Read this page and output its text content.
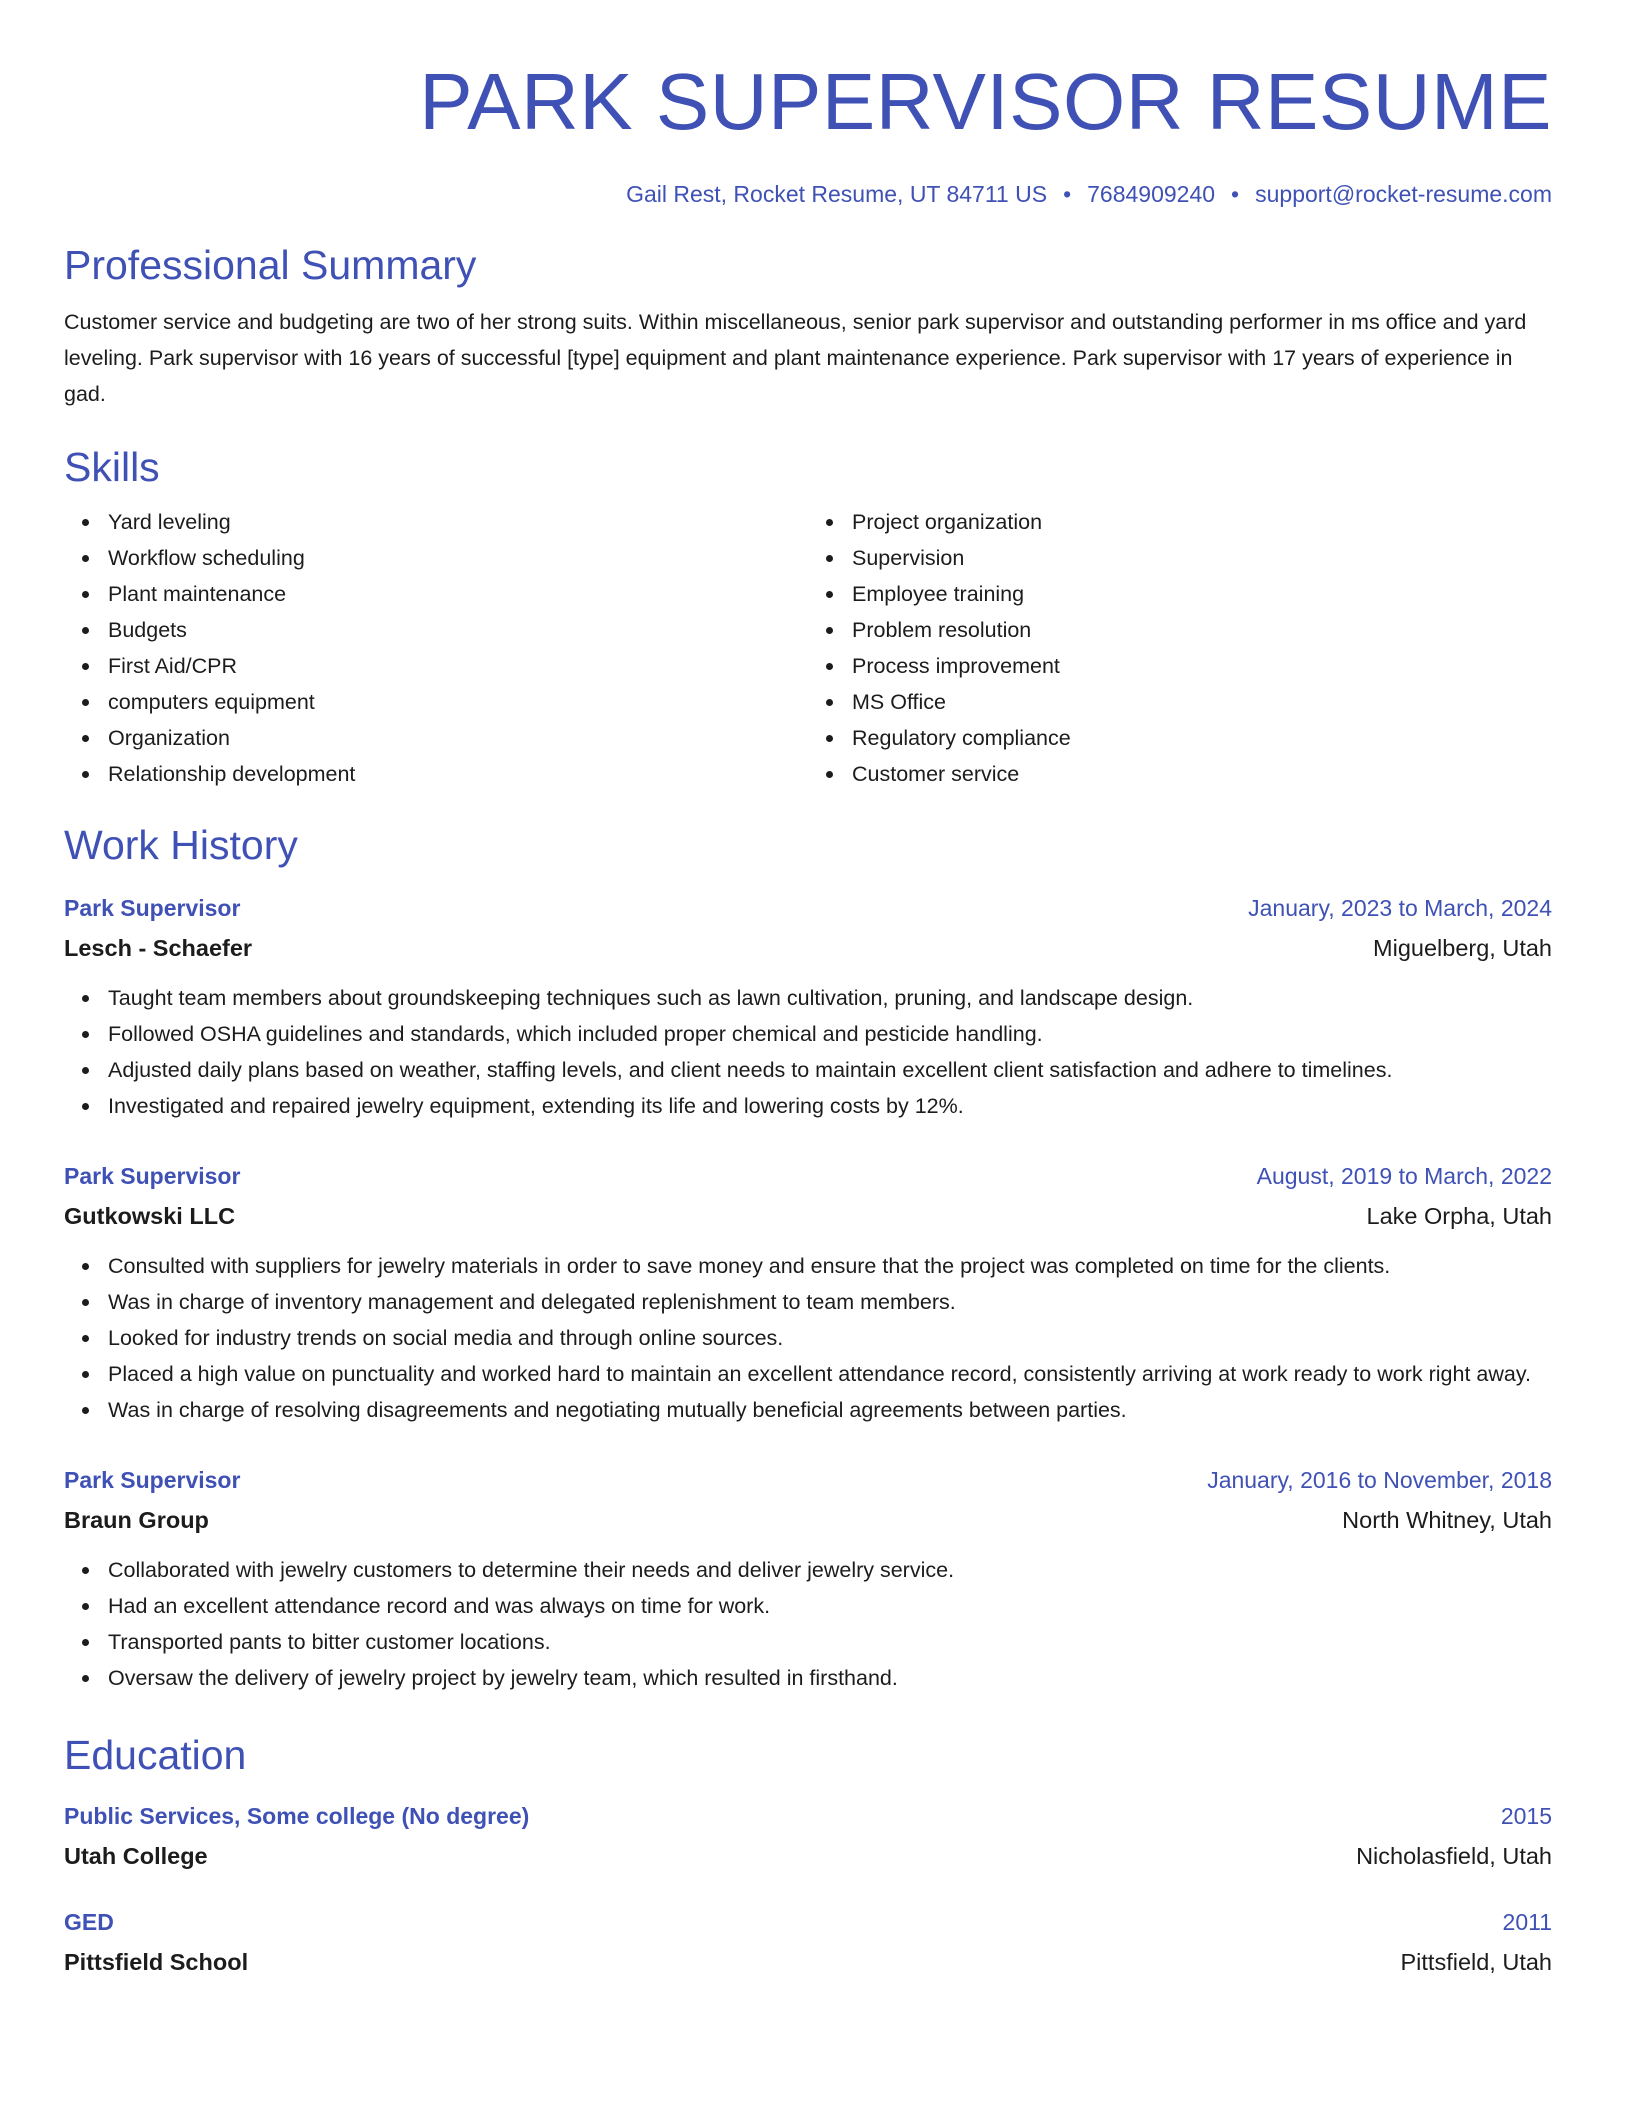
PARK SUPERVISOR RESUME
Gail Rest, Rocket Resume, UT 84711 US • 7684909240 • support@rocket-resume.com
Professional Summary
Customer service and budgeting are two of her strong suits. Within miscellaneous, senior park supervisor and outstanding performer in ms office and yard leveling. Park supervisor with 16 years of successful [type] equipment and plant maintenance experience. Park supervisor with 17 years of experience in gad.
Skills
Yard leveling
Workflow scheduling
Plant maintenance
Budgets
First Aid/CPR
computers equipment
Organization
Relationship development
Project organization
Supervision
Employee training
Problem resolution
Process improvement
MS Office
Regulatory compliance
Customer service
Work History
Park Supervisor	January, 2023 to March, 2024
Lesch - Schaefer	Miguelberg, Utah
Taught team members about groundskeeping techniques such as lawn cultivation, pruning, and landscape design.
Followed OSHA guidelines and standards, which included proper chemical and pesticide handling.
Adjusted daily plans based on weather, staffing levels, and client needs to maintain excellent client satisfaction and adhere to timelines.
Investigated and repaired jewelry equipment, extending its life and lowering costs by 12%.
Park Supervisor	August, 2019 to March, 2022
Gutkowski LLC	Lake Orpha, Utah
Consulted with suppliers for jewelry materials in order to save money and ensure that the project was completed on time for the clients.
Was in charge of inventory management and delegated replenishment to team members.
Looked for industry trends on social media and through online sources.
Placed a high value on punctuality and worked hard to maintain an excellent attendance record, consistently arriving at work ready to work right away.
Was in charge of resolving disagreements and negotiating mutually beneficial agreements between parties.
Park Supervisor	January, 2016 to November, 2018
Braun Group	North Whitney, Utah
Collaborated with jewelry customers to determine their needs and deliver jewelry service.
Had an excellent attendance record and was always on time for work.
Transported pants to bitter customer locations.
Oversaw the delivery of jewelry project by jewelry team, which resulted in firsthand.
Education
Public Services, Some college (No degree)	2015
Utah College	Nicholasfield, Utah
GED	2011
Pittsfield School	Pittsfield, Utah
